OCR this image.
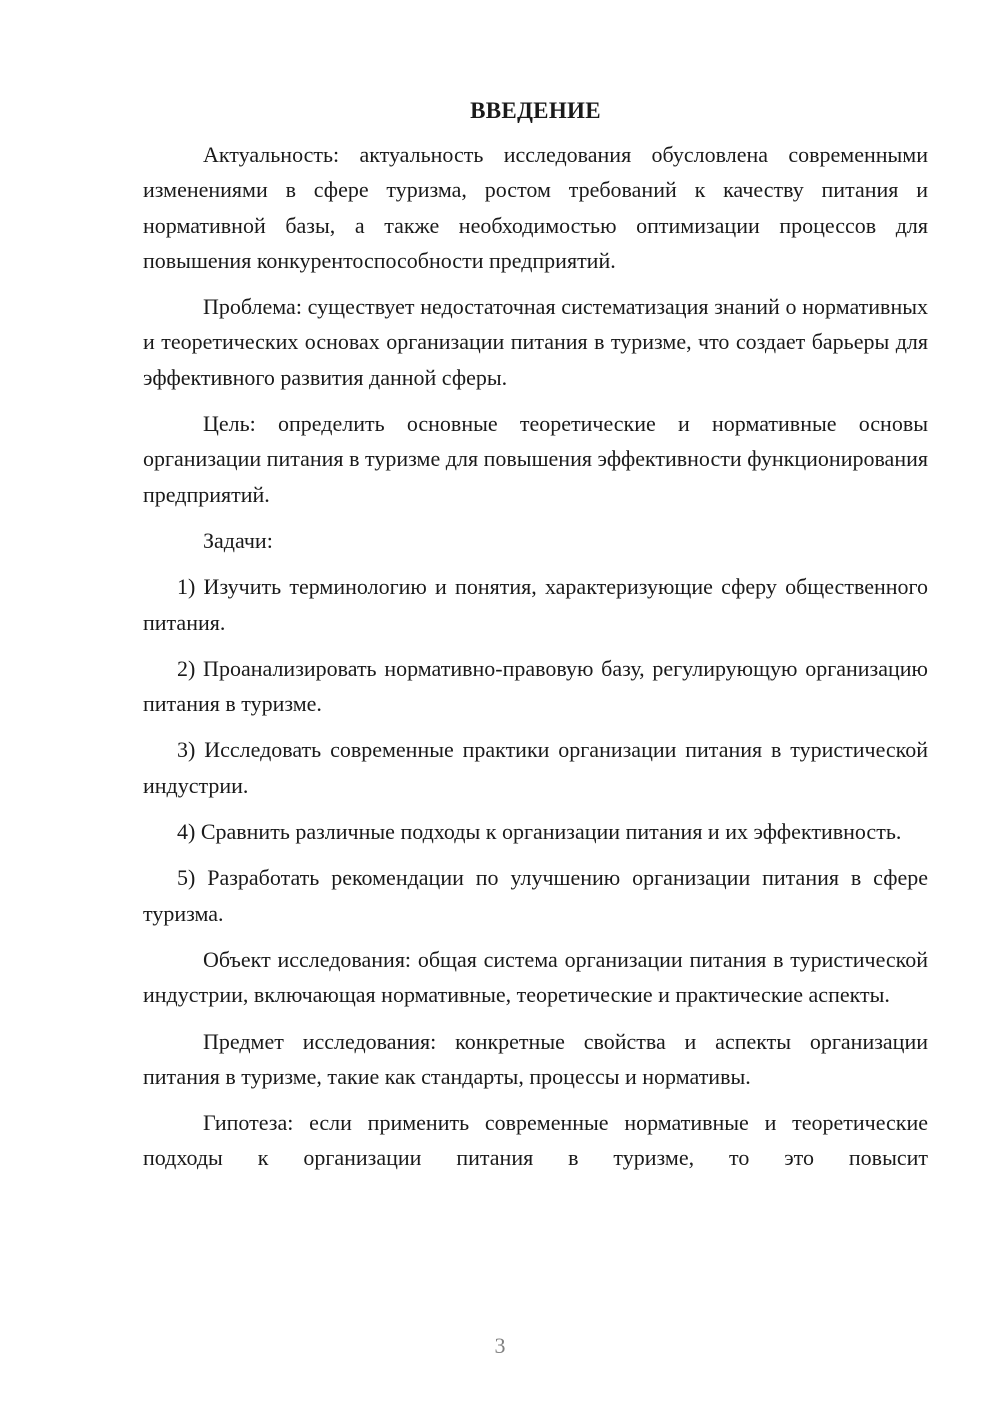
ВВЕДЕНИЕ

Актуальность: актуальность исследования обусловлена современными изменениями в сфере туризма, ростом требований к качеству питания и нормативной базы, а также необходимостью оптимизации процессов для повышения конкурентоспособности предприятий.

Проблема: существует недостаточная систематизация знаний о нормативных и теоретических основах организации питания в туризме, что создает барьеры для эффективного развития данной сферы.

Цель: определить основные теоретические и нормативные основы организации питания в туризме для повышения эффективности функционирования предприятий.

Задачи:

1) Изучить терминологию и понятия, характеризующие сферу общественного питания.

2) Проанализировать нормативно-правовую базу, регулирующую организацию питания в туризме.

3) Исследовать современные практики организации питания в туристической индустрии.

4) Сравнить различные подходы к организации питания и их эффективность.

5) Разработать рекомендации по улучшению организации питания в сфере туризма.

Объект исследования: общая система организации питания в туристической индустрии, включающая нормативные, теоретические и практические аспекты.

Предмет исследования: конкретные свойства и аспекты организации питания в туризме, такие как стандарты, процессы и нормативы.

Гипотеза: если применить современные нормативные и теоретические подходы к организации питания в туризме, то это повысит

3
